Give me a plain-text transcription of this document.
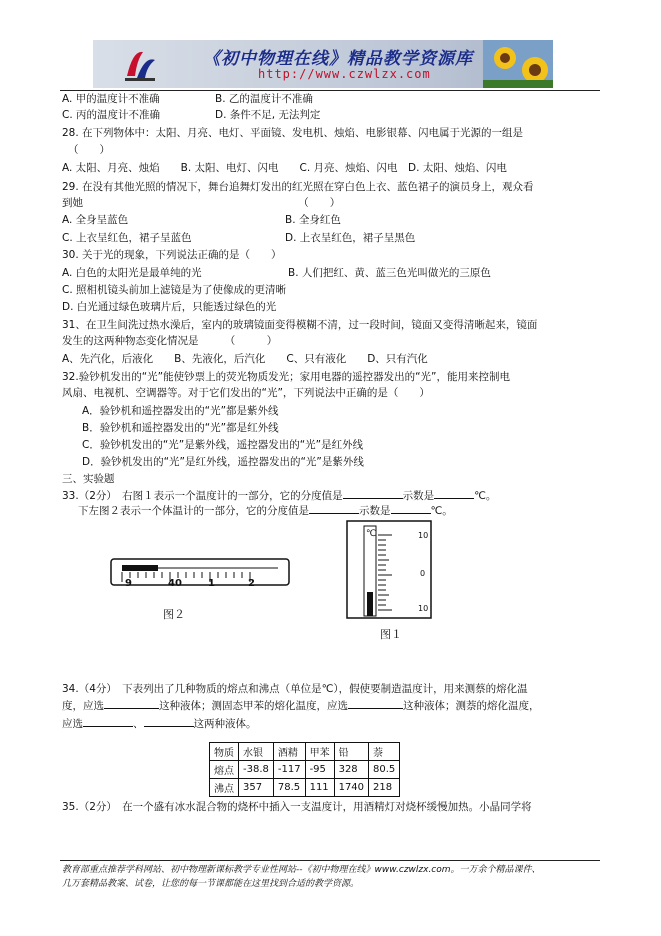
《初中物理在线》精品教学资源库
http://www.czwlzx.com
A. 甲的温度计不准确	B. 乙的温度计不准确
C. 丙的温度计不准确	D. 条件不足, 无法判定
28. 在下列物体中：太阳、月亮、电灯、平面镜、发电机、烛焰、电影银幕、闪电属于光源的一组是
（　　）
A. 太阳、月亮、烛焰　　B. 太阳、电灯、闪电　　C. 月亮、烛焰、闪电　D. 太阳、烛焰、闪电
29. 在没有其他光照的情况下，舞台追舞灯发出的红光照在穿白色上衣、蓝色裙子的演员身上，观众看
到她　　　　　　　　　　　　　　　　　　　　　（　　）
A. 全身呈蓝色	B. 全身红色
C. 上衣呈红色，裙子呈蓝色	D. 上衣呈红色，裙子呈黑色
30. 关于光的现象，下列说法正确的是（　　）
A. 白色的太阳光是最单纯的光	B. 人们把红、黄、蓝三色光叫做光的三原色
C. 照相机镜头前加上滤镜是为了使像成的更清晰
D. 白光通过绿色玻璃片后，只能透过绿色的光
31、在卫生间洗过热水澡后，室内的玻璃镜面变得模糊不清，过一段时间，镜面又变得清晰起来，镜面
发生的这两种物态变化情况是　　　（　　　）
A、先汽化，后液化　　B、先液化，后汽化　　C、只有液化　　D、只有汽化
32.验钞机发出的“光”能使钞票上的荧光物质发光；家用电器的遥控器发出的“光”，能用来控制电
风扇、电视机、空调器等。对于它们发出的“光”，下列说法中正确的是（　　）
A．验钞机和遥控器发出的“光”都是紫外线
B．验钞机和遥控器发出的“光”都是红外线
C．验钞机发出的“光”是紫外线，遥控器发出的“光”是红外线
D．验钞机发出的“光”是红外线，遥控器发出的“光”是紫外线
三、实验题
33.（2分）　右图１表示一个温度计的一部分，它的分度值是	示数是	℃。
下左图２表示一个体温计的一部分，它的分度值是	示数是	℃。
9	40	1	2
图２
℃	10
0
10
图１
34.（4分）　下表列出了几种物质的熔点和沸点（单位是℃），假使要制造温度计，用来测蔡的熔化温
度，应选	这种液体；测固态甲苯的熔化温度，应选	这种液体；测萘的熔化温度，
应选	、	这两种液体。
物质	水银	酒精	甲苯	铅	萘
熔点	-38.8	-117	-95	328	80.5
沸点	357	78.5	111	1740	218
35.（2分）　在一个盛有冰水混合物的烧杯中插入一支温度计，用酒精灯对烧杯缓慢加热。小晶同学将
教育部重点推荐学科网站、初中物理新课标教学专业性网站--《初中物理在线》www.czwlzx.com。一万余个精品课件、
几万套精品教案、试卷，让您的每一节课都能在这里找到合适的教学资源。
